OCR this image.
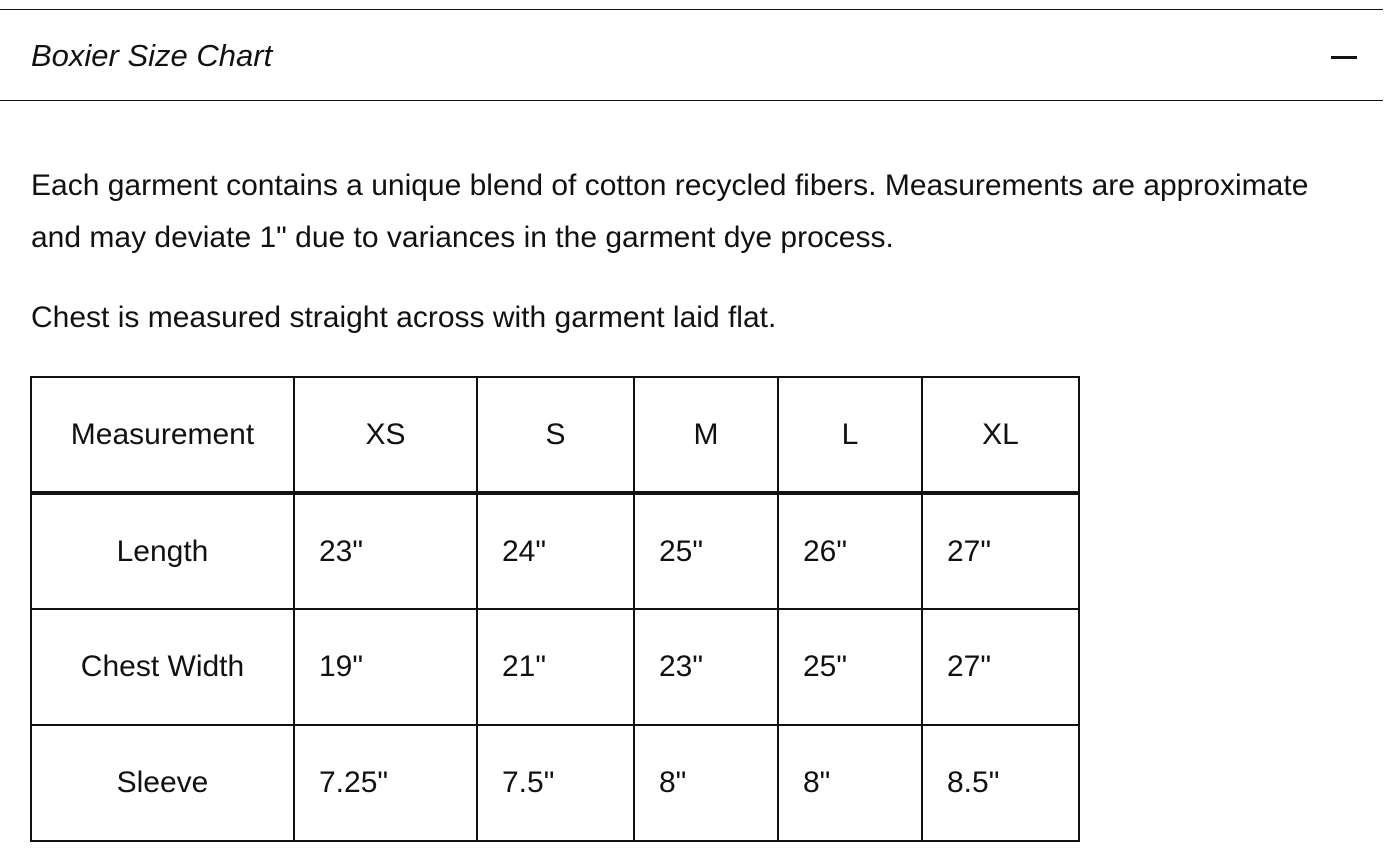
Boxier Size Chart

Each garment contains a unique blend of cotton recycled fibers. Measurements are approximate and may deviate 1" due to variances in the garment dye process.

Chest is measured straight across with garment laid flat.

Measurement	XS	S	M	L	XL
Length	23"	24"	25"	26"	27"
Chest Width	19"	21"	23"	25"	27"
Sleeve	7.25"	7.5"	8"	8"	8.5"
